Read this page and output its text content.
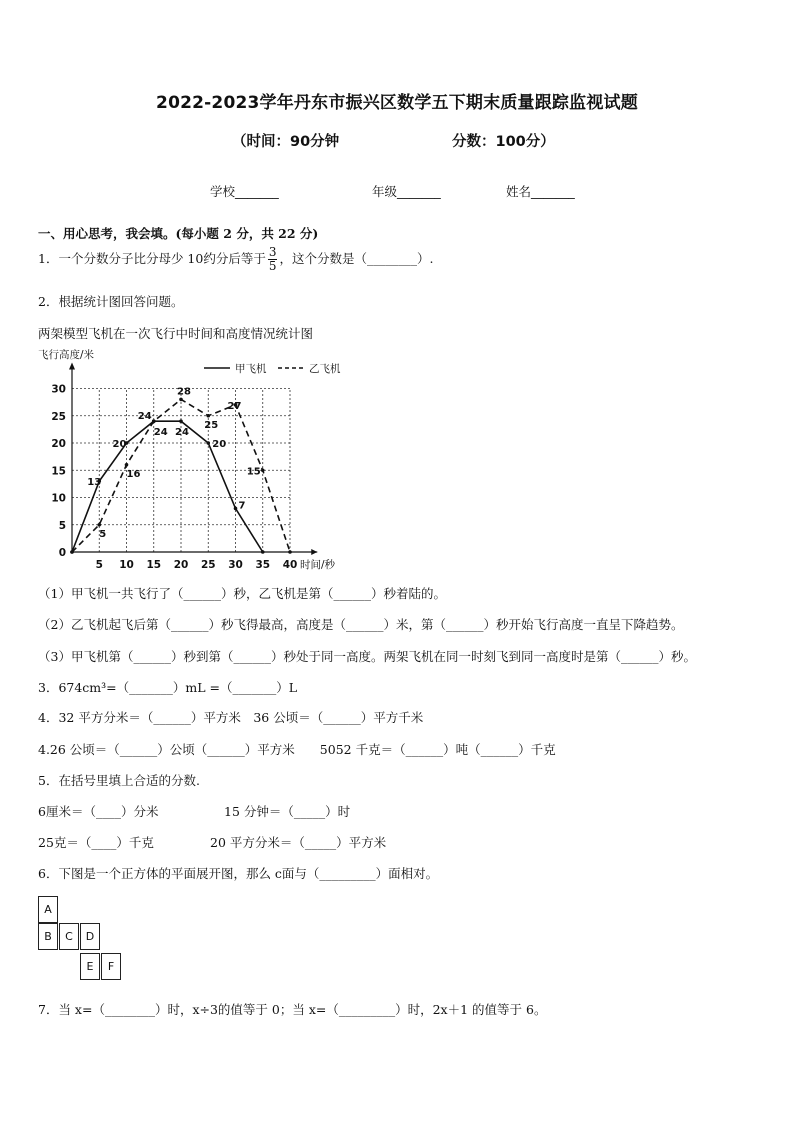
2022-2023学年丹东市振兴区数学五下期末质量跟踪监视试题
（时间：90分钟	分数：100分）
学校_______	年级_______	姓名_______
一、用心思考，我会填。(每小题 2 分，共 22 分)
1．一个分数分子比分母少 10约分后等于 $\frac{3}{5}$ ，这个分数是（________）.
2．根据统计图回答问题。
两架模型飞机在一次飞行中时间和高度情况统计图
飞行高度/米
时间/秒
0
5
10
15
20
25
30
5 10 15 20 25 30 35 40
甲飞机	乙飞机
13
20
24
24
20
7
5
16
24
28
25
27
15
（1）甲飞机一共飞行了（______）秒，乙飞机是第（______）秒着陆的。
（2）乙飞机起飞后第（______）秒飞得最高，高度是（______）米，第（______）秒开始飞行高度一直呈下降趋势。
（3）甲飞机第（______）秒到第（______）秒处于同一高度。两架飞机在同一时刻飞到同一高度时是第（______）秒。
3．674cm³=（_______）mL =（_______）L
4．32 平方分米＝（______）平方米　36 公顷＝（______）平方千米
4.26 公顷＝（______）公顷（______）平方米　　5052 千克＝（______）吨（______）千克
5．在括号里填上合适的分数.
6厘米＝（____）分米	15 分钟＝（_____）时
25克＝（____）千克	20 平方分米＝（_____）平方米
6．下图是一个正方体的平面展开图，那么 c面与（_________）面相对。
A
B	C	D
E	F
7．当 x=（________）时，x÷3的值等于 0；当 x=（_________）时，2x＋1 的值等于 6。
